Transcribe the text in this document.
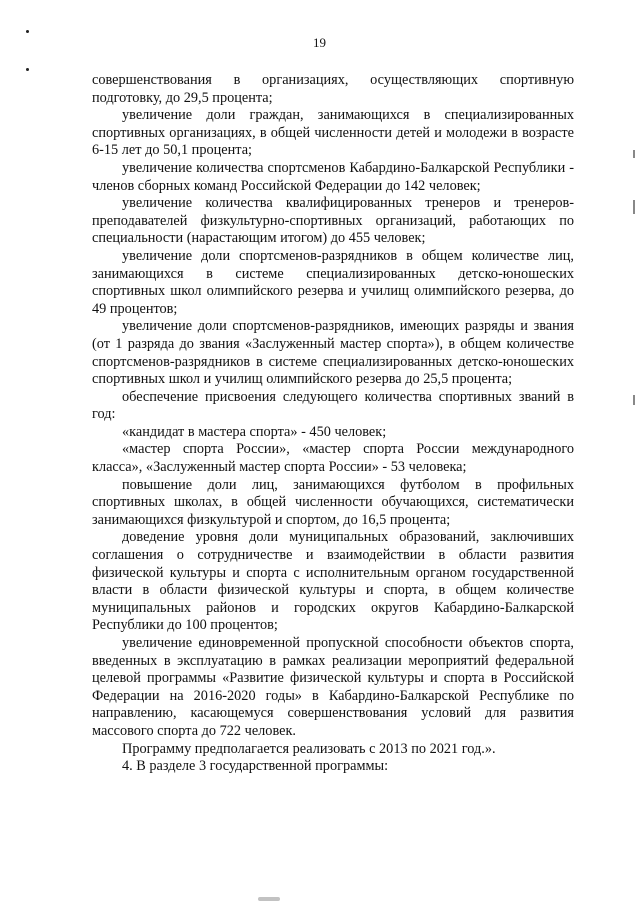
19

совершенствования в организациях, осуществляющих спортивную подготовку, до 29,5 процента;

увеличение доли граждан, занимающихся в специализированных спортивных организациях, в общей численности детей и молодежи в возрасте 6-15 лет до 50,1 процента;

увеличение количества спортсменов Кабардино-Балкарской Республики - членов сборных команд Российской Федерации до 142 человек;

увеличение количества квалифицированных тренеров и тренеров-преподавателей физкультурно-спортивных организаций, работающих по специальности (нарастающим итогом) до 455 человек;

увеличение доли спортсменов-разрядников в общем количестве лиц, занимающихся в системе специализированных детско-юношеских спортивных школ олимпийского резерва и училищ олимпийского резерва, до 49 процентов;

увеличение доли спортсменов-разрядников, имеющих разряды и звания (от 1 разряда до звания «Заслуженный мастер спорта»), в общем количестве спортсменов-разрядников в системе специализированных детско-юношеских спортивных школ и училищ олимпийского резерва до 25,5 процента;

обеспечение присвоения следующего количества спортивных званий в год:

«кандидат в мастера спорта» - 450 человек;

«мастер спорта России», «мастер спорта России международного класса», «Заслуженный мастер спорта России» - 53 человека;

повышение доли лиц, занимающихся футболом в профильных спортивных школах, в общей численности обучающихся, систематически занимающихся физкультурой и спортом, до 16,5 процента;

доведение уровня доли муниципальных образований, заключивших соглашения о сотрудничестве и взаимодействии в области развития физической культуры и спорта с исполнительным органом государственной власти в области физической культуры и спорта, в общем количестве муниципальных районов и городских округов Кабардино-Балкарской Республики до 100 процентов;

увеличение единовременной пропускной способности объектов спорта, введенных в эксплуатацию в рамках реализации мероприятий федеральной целевой программы «Развитие физической культуры и спорта в Российской Федерации на 2016-2020 годы» в Кабардино-Балкарской Республике по направлению, касающемуся совершенствования условий для развития массового спорта до 722 человек.

Программу предполагается реализовать с 2013 по 2021 год.».

4. В разделе 3 государственной программы:
